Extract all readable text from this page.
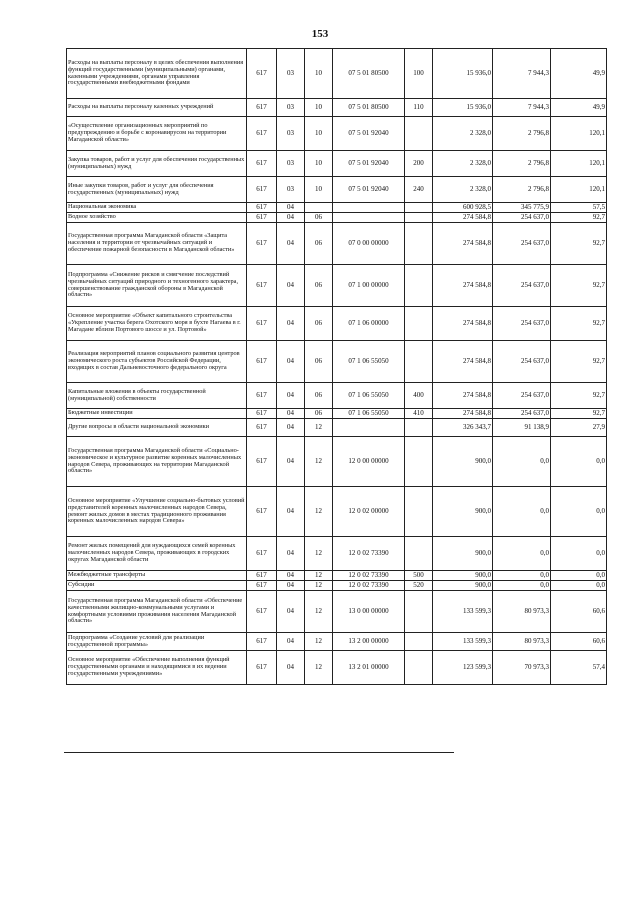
153
Расходы на выплаты персоналу в целях обеспечения выполнения функций государственными (муниципальными) органами, казенными учреждениями, органами управления государственными внебюджетными фондами	617	03	10	07 5 01 80500	100	15 936,0	7 944,3	49,9
Расходы на выплаты персоналу казенных учреждений	617	03	10	07 5 01 80500	110	15 936,0	7 944,3	49,9
«Осуществление организационных мероприятий по предупреждению и борьбе с коронавирусом на территории Магаданской области»	617	03	10	07 5 01 92040		2 328,0	2 796,8	120,1
Закупка товаров, работ и услуг для обеспечения государственных (муниципальных) нужд	617	03	10	07 5 01 92040	200	2 328,0	2 796,8	120,1
Иные закупки товаров, работ и услуг для обеспечения государственных (муниципальных) нужд	617	03	10	07 5 01 92040	240	2 328,0	2 796,8	120,1
Национальная экономика	617	04				600 928,5	345 775,9	57,5
Водное хозяйство	617	04	06			274 584,8	254 637,0	92,7
Государственная программа Магаданской области «Защита населения и территории от чрезвычайных ситуаций и обеспечение пожарной безопасности в Магаданской области»	617	04	06	07 0 00 00000		274 584,8	254 637,0	92,7
Подпрограмма «Снижение рисков и смягчение последствий чрезвычайных ситуаций природного и техногенного характера, совершенствование гражданской обороны в Магаданской области»	617	04	06	07 1 00 00000		274 584,8	254 637,0	92,7
Основное мероприятие «Объект капитального строительства «Укрепление участка берега Охотского моря в бухте Нагаева в г. Магадане вблизи Портового шоссе и ул. Портовой»	617	04	06	07 1 06 00000		274 584,8	254 637,0	92,7
Реализация мероприятий планов социального развития центров экономического роста субъектов Российской Федерации, входящих в состав Дальневосточного федерального округа	617	04	06	07 1 06 55050		274 584,8	254 637,0	92,7
Капитальные вложения в объекты государственной (муниципальной) собственности	617	04	06	07 1 06 55050	400	274 584,8	254 637,0	92,7
Бюджетные инвестиции	617	04	06	07 1 06 55050	410	274 584,8	254 637,0	92,7
Другие вопросы в области национальной экономики	617	04	12			326 343,7	91 138,9	27,9
Государственная программа Магаданской области «Социально-экономическое и культурное развитие коренных малочисленных народов Севера, проживающих на территории Магаданской области»	617	04	12	12 0 00 00000		900,0	0,0	0,0
Основное мероприятие «Улучшение социально-бытовых условий представителей коренных малочисленных народов Севера, ремонт жилых домов в местах традиционного проживания коренных малочисленных народов Севера»	617	04	12	12 0 02 00000		900,0	0,0	0,0
Ремонт жилых помещений для нуждающихся семей коренных малочисленных народов Севера, проживающих в городских округах Магаданской области	617	04	12	12 0 02 73390		900,0	0,0	0,0
Межбюджетные трансферты	617	04	12	12 0 02 73390	500	900,0	0,0	0,0
Субсидии	617	04	12	12 0 02 73390	520	900,0	0,0	0,0
Государственная программа Магаданской области «Обеспечение качественными жилищно-коммунальными услугами и комфортными условиями проживания населения Магаданской области»	617	04	12	13 0 00 00000		133 599,3	80 973,3	60,6
Подпрограмма «Создание условий для реализации государственной программы»	617	04	12	13 2 00 00000		133 599,3	80 973,3	60,6
Основное мероприятие «Обеспечение выполнения функций государственными органами и находящимися в их ведении государственными учреждениями»	617	04	12	13 2 01 00000		123 599,3	70 973,3	57,4
